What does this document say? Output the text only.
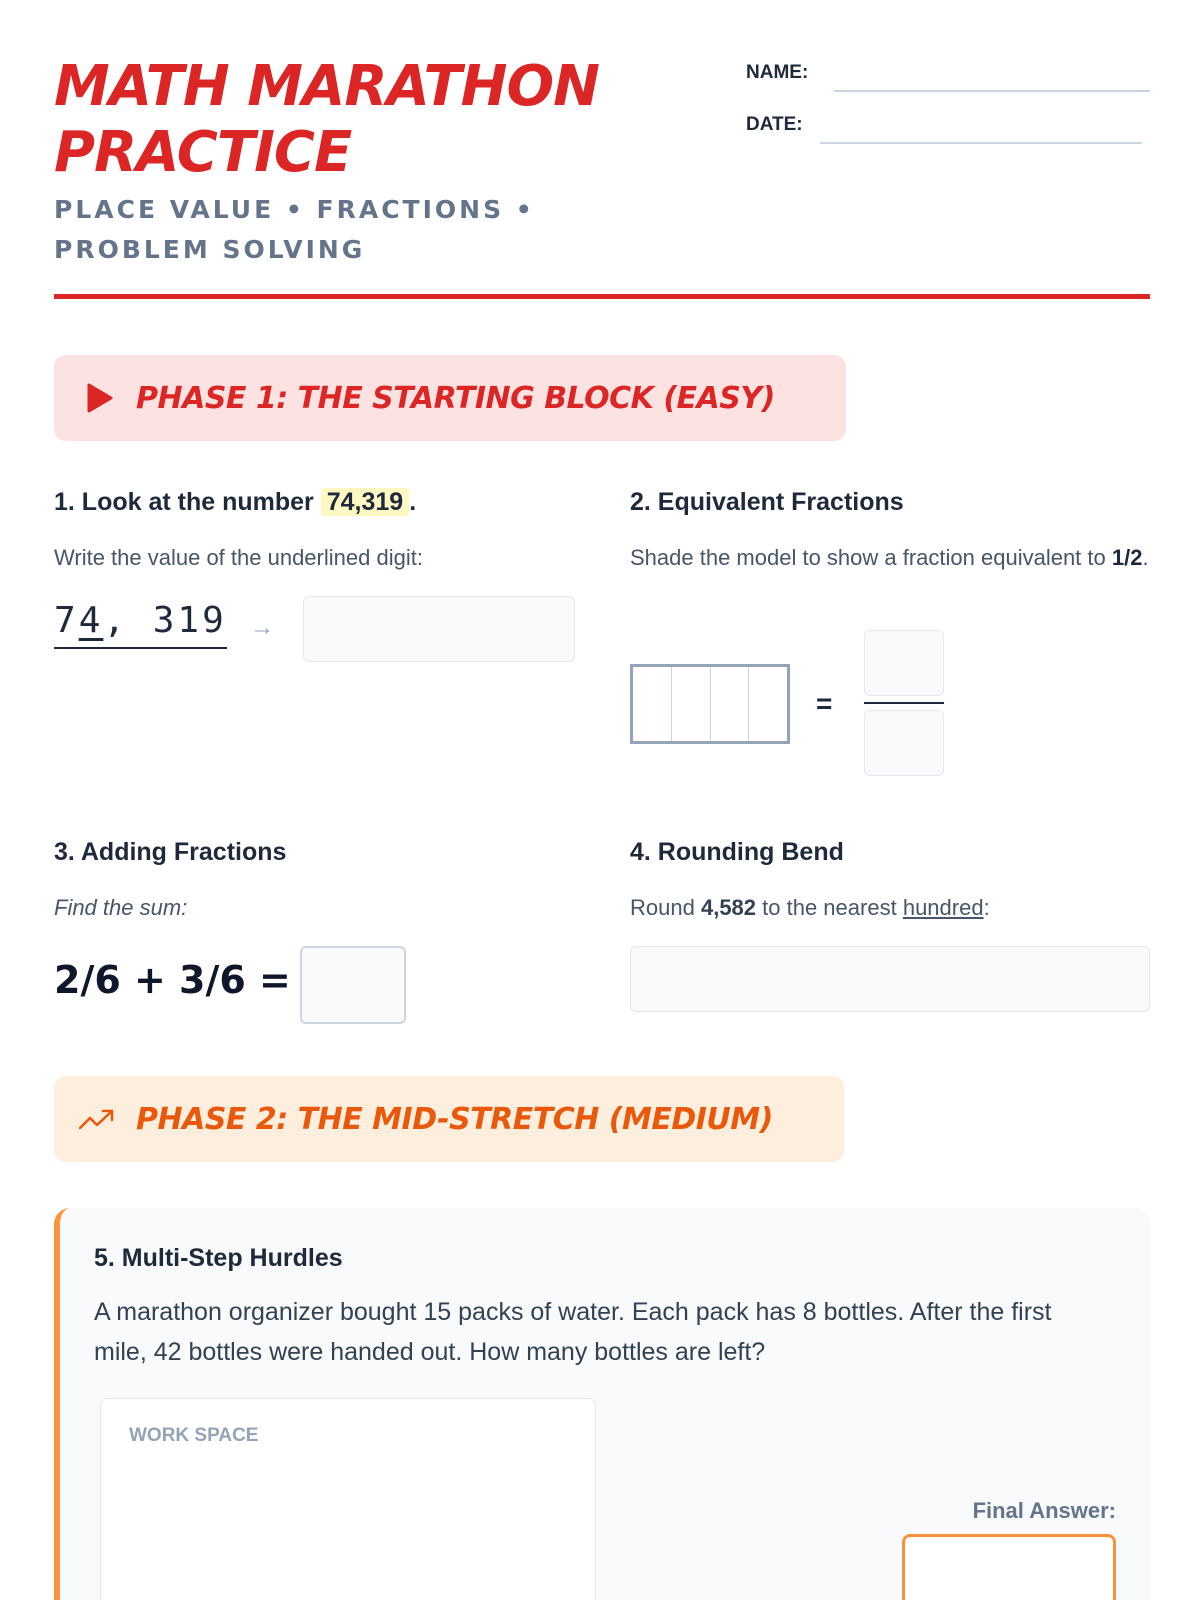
MATH MARATHON PRACTICE
PLACE VALUE • FRACTIONS • PROBLEM SOLVING
NAME:
DATE:
PHASE 1: THE STARTING BLOCK (EASY)
1. Look at the number 74,319 .
Write the value of the underlined digit:
74, 319 →
2. Equivalent Fractions
Shade the model to show a fraction equivalent to 1/2.
=
3. Adding Fractions
Find the sum:
2/6 + 3/6 =
4. Rounding Bend
Round 4,582 to the nearest hundred:
PHASE 2: THE MID-STRETCH (MEDIUM)
5. Multi-Step Hurdles
A marathon organizer bought 15 packs of water. Each pack has 8 bottles. After the first mile, 42 bottles were handed out. How many bottles are left?
WORK SPACE
Final Answer:
